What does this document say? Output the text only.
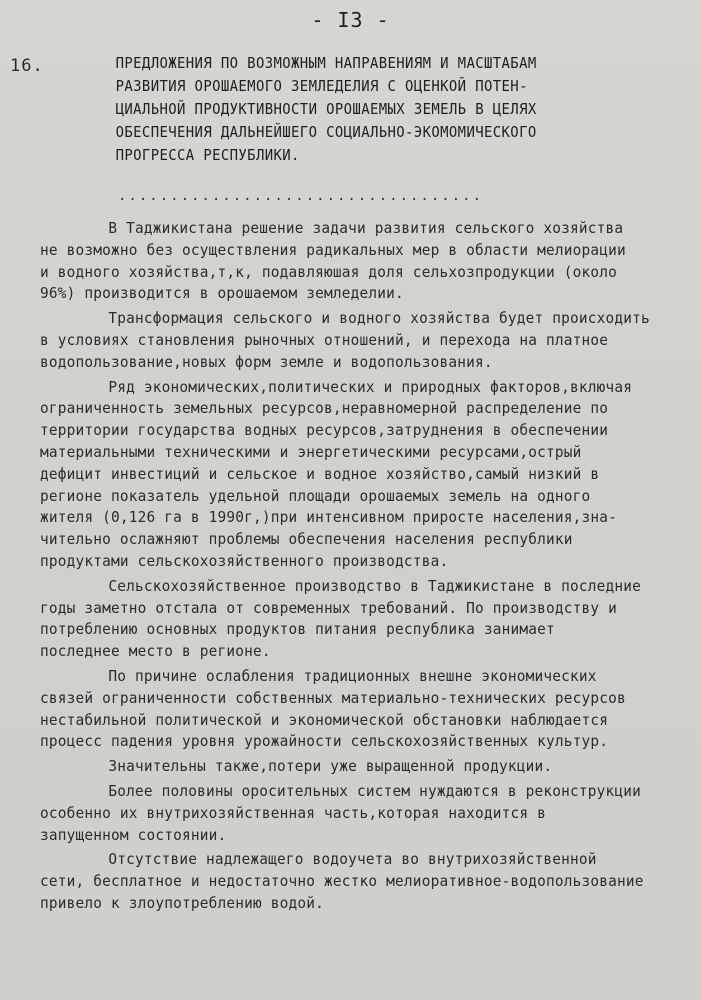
- I3 -
16.	ПРЕДЛОЖЕНИЯ ПО ВОЗМОЖНЫМ НАПРАВЕНИЯМ И МАСШТАБАМ
РАЗВИТИЯ ОРОШАЕМОГО ЗЕМЛЕДЕЛИЯ С ОЦЕНКОЙ ПОТЕН-
ЦИАЛЬНОЙ ПРОДУКТИВНОСТИ ОРОШАЕМЫХ ЗЕМЕЛЬ В ЦЕЛЯХ
ОБЕСПЕЧЕНИЯ ДАЛЬНЕЙШЕГО СОЦИАЛЬНО-ЭКОМОМИЧЕСКОГО
ПРОГРЕССА РЕСПУБЛИКИ.
...................................
В Таджикистана решение задачи развития сельского хозяйства
не возможно без осуществления радикальных мер в области мелиорации
и водного хозяйства,т,к, подавляюшая доля сельхозпродукции (около
96%) производится в орошаемом земледелии.
Трансформация сельского и водного хозяйства будет происходить
в условиях становления рыночных отношений, и перехода на платное
водопользование,новых форм земле и водопользования.
Ряд экономических,политических и природных факторов,включая
ограниченность земельных ресурсов,неравномерной распределение по
территории государства водных ресурсов,затруднения в обеспечении
материальными техническими и энергетическими ресурсами,острый
дефицит инвестиций и сельское и водное хозяйство,самый низкий в
регионе показатель удельной площади орошаемых земель на одного
жителя (0,126 га в 1990г,)при интенсивном приросте населения,зна-
чительно ослажняют проблемы обеспечения населения республики
продуктами сельскохозяйственного производства.
Сельскохозяйственное производство в Таджикистане в последние
годы заметно отстала от современных требований. По производству и
потреблению основных продуктов питания республика занимает
последнее место в регионе.
По причине ослабления традиционных внешне экономических
связей ограниченности собственных материально-технических ресурсов
нестабильной политической и экономической обстановки наблюдается
процесс падения уровня урожайности сельскохозяйственных культур.
Значительны также,потери уже выращенной продукции.
Более половины оросительных систем нуждаются в реконструкции
особенно их внутрихозяйственная часть,которая находится в
запущенном состоянии.
Отсутствие надлежащего водоучета во внутрихозяйственной
сети, бесплатное и недостаточно жестко мелиоративное-водопользование
привело к злоупотреблению водой.
